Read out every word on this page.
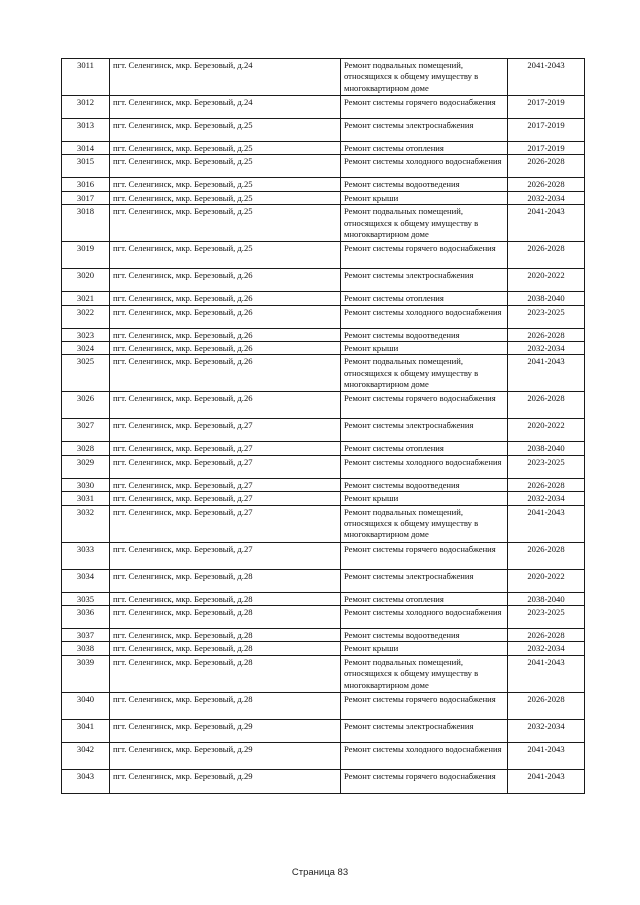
3011	пгт. Селенгинск, мкр. Березовый, д.24	Ремонт подвальных помещений, относящихся к общему имуществу в многоквартирном доме	2041-2043
3012	пгт. Селенгинск, мкр. Березовый, д.24	Ремонт системы горячего водоснабжения	2017-2019
3013	пгт. Селенгинск, мкр. Березовый, д.25	Ремонт системы электроснабжения	2017-2019
3014	пгт. Селенгинск, мкр. Березовый, д.25	Ремонт системы отопления	2017-2019
3015	пгт. Селенгинск, мкр. Березовый, д.25	Ремонт системы холодного водоснабжения	2026-2028
3016	пгт. Селенгинск, мкр. Березовый, д.25	Ремонт системы водоотведения	2026-2028
3017	пгт. Селенгинск, мкр. Березовый, д.25	Ремонт крыши	2032-2034
3018	пгт. Селенгинск, мкр. Березовый, д.25	Ремонт подвальных помещений, относящихся к общему имуществу в многоквартирном доме	2041-2043
3019	пгт. Селенгинск, мкр. Березовый, д.25	Ремонт системы горячего водоснабжения	2026-2028
3020	пгт. Селенгинск, мкр. Березовый, д.26	Ремонт системы электроснабжения	2020-2022
3021	пгт. Селенгинск, мкр. Березовый, д.26	Ремонт системы отопления	2038-2040
3022	пгт. Селенгинск, мкр. Березовый, д.26	Ремонт системы холодного водоснабжения	2023-2025
3023	пгт. Селенгинск, мкр. Березовый, д.26	Ремонт системы водоотведения	2026-2028
3024	пгт. Селенгинск, мкр. Березовый, д.26	Ремонт крыши	2032-2034
3025	пгт. Селенгинск, мкр. Березовый, д.26	Ремонт подвальных помещений, относящихся к общему имуществу в многоквартирном доме	2041-2043
3026	пгт. Селенгинск, мкр. Березовый, д.26	Ремонт системы горячего водоснабжения	2026-2028
3027	пгт. Селенгинск, мкр. Березовый, д.27	Ремонт системы электроснабжения	2020-2022
3028	пгт. Селенгинск, мкр. Березовый, д.27	Ремонт системы отопления	2038-2040
3029	пгт. Селенгинск, мкр. Березовый, д.27	Ремонт системы холодного водоснабжения	2023-2025
3030	пгт. Селенгинск, мкр. Березовый, д.27	Ремонт системы водоотведения	2026-2028
3031	пгт. Селенгинск, мкр. Березовый, д.27	Ремонт крыши	2032-2034
3032	пгт. Селенгинск, мкр. Березовый, д.27	Ремонт подвальных помещений, относящихся к общему имуществу в многоквартирном доме	2041-2043
3033	пгт. Селенгинск, мкр. Березовый, д.27	Ремонт системы горячего водоснабжения	2026-2028
3034	пгт. Селенгинск, мкр. Березовый, д.28	Ремонт системы электроснабжения	2020-2022
3035	пгт. Селенгинск, мкр. Березовый, д.28	Ремонт системы отопления	2038-2040
3036	пгт. Селенгинск, мкр. Березовый, д.28	Ремонт системы холодного водоснабжения	2023-2025
3037	пгт. Селенгинск, мкр. Березовый, д.28	Ремонт системы водоотведения	2026-2028
3038	пгт. Селенгинск, мкр. Березовый, д.28	Ремонт крыши	2032-2034
3039	пгт. Селенгинск, мкр. Березовый, д.28	Ремонт подвальных помещений, относящихся к общему имуществу в многоквартирном доме	2041-2043
3040	пгт. Селенгинск, мкр. Березовый, д.28	Ремонт системы горячего водоснабжения	2026-2028
3041	пгт. Селенгинск, мкр. Березовый, д.29	Ремонт системы электроснабжения	2032-2034
3042	пгт. Селенгинск, мкр. Березовый, д.29	Ремонт системы холодного водоснабжения	2041-2043
3043	пгт. Селенгинск, мкр. Березовый, д.29	Ремонт системы горячего водоснабжения	2041-2043
Страница 83
